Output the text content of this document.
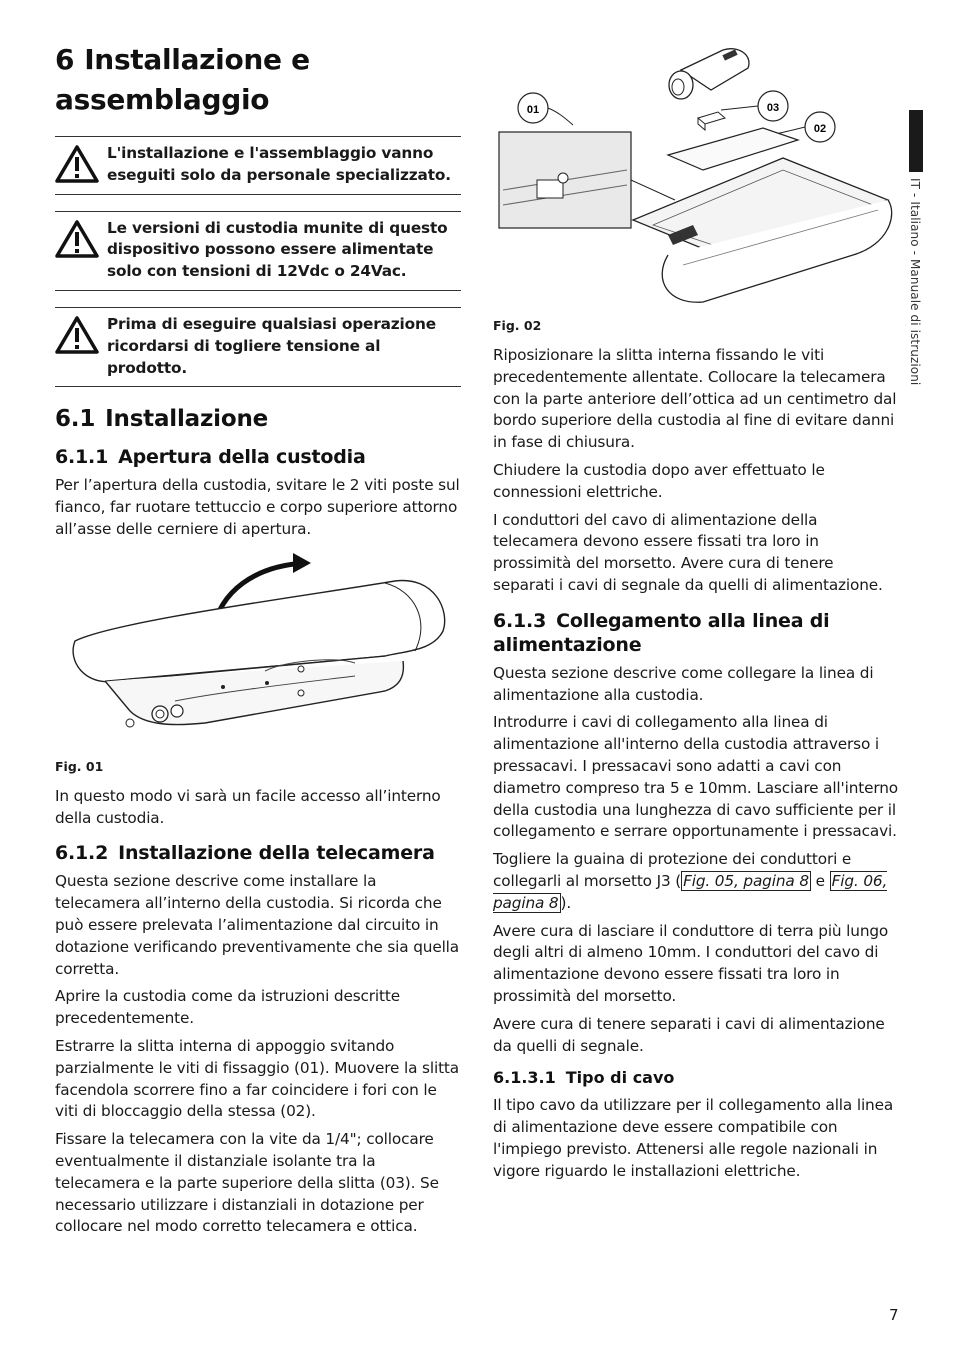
6 Installazione e assemblaggio
L'installazione e l'assemblaggio vanno eseguiti solo da personale specializzato.
Le versioni di custodia munite di questo dispositivo possono essere alimentate solo con tensioni di 12Vdc o 24Vac.
Prima di eseguire qualsiasi operazione ricordarsi di togliere tensione al prodotto.
6.1 Installazione
6.1.1 Apertura della custodia

Per l’apertura della custodia, svitare le 2 viti poste sul fianco, far ruotare tettuccio e corpo superiore attorno all’asse delle cerniere di apertura.

Fig. 01

In questo modo vi sarà un facile accesso all’interno della custodia.

6.1.2 Installazione della telecamera

Questa sezione descrive come installare la telecamera all’interno della custodia. Si ricorda che può essere prelevata l’alimentazione dal circuito in dotazione verificando preventivamente che sia quella corretta.

Aprire la custodia come da istruzioni descritte precedentemente.

Estrarre la slitta interna di appoggio svitando parzialmente le viti di fissaggio (01). Muovere la slitta facendola scorrere fino a far coincidere i fori con le viti di bloccaggio della stessa (02).

Fissare la telecamera con la vite da 1/4"; collocare eventualmente il distanziale isolante tra la telecamera e la parte superiore della slitta (03). Se necessario utilizzare i distanziali in dotazione per collocare nel modo corretto telecamera e ottica.

01	03
02
Fig. 02

Riposizionare la slitta interna fissando le viti precedentemente allentate. Collocare la telecamera con la parte anteriore dell’ottica ad un centimetro dal bordo superiore della custodia al fine di evitare danni in fase di chiusura.

Chiudere la custodia dopo aver effettuato le connessioni elettriche.

I conduttori del cavo di alimentazione della telecamera devono essere fissati tra loro in prossimità del morsetto. Avere cura di tenere separati i cavi di segnale da quelli di alimentazione.

6.1.3 Collegamento alla linea di alimentazione

Questa sezione descrive come collegare la linea di alimentazione alla custodia.

Introdurre i cavi di collegamento alla linea di alimentazione all'interno della custodia attraverso i pressacavi. I pressacavi sono adatti a cavi con diametro compreso tra 5 e 10mm. Lasciare all'interno della custodia una lunghezza di cavo sufficiente per il collegamento e serrare opportunamente i pressacavi.

Togliere la guaina di protezione dei conduttori e collegarli al morsetto J3 ( Fig. 05, pagina 8 e Fig. 06, pagina 8 ).

Avere cura di lasciare il conduttore di terra più lungo degli altri di almeno 10mm. I conduttori del cavo di alimentazione devono essere fissati tra loro in prossimità del morsetto.

Avere cura di tenere separati i cavi di alimentazione da quelli di segnale.

6.1.3.1 Tipo di cavo

Il tipo cavo da utilizzare per il collegamento alla linea di alimentazione deve essere compatibile con l'impiego previsto. Attenersi alle regole nazionali in vigore riguardo le installazioni elettriche.

IT - Italiano - Manuale di istruzioni
7
